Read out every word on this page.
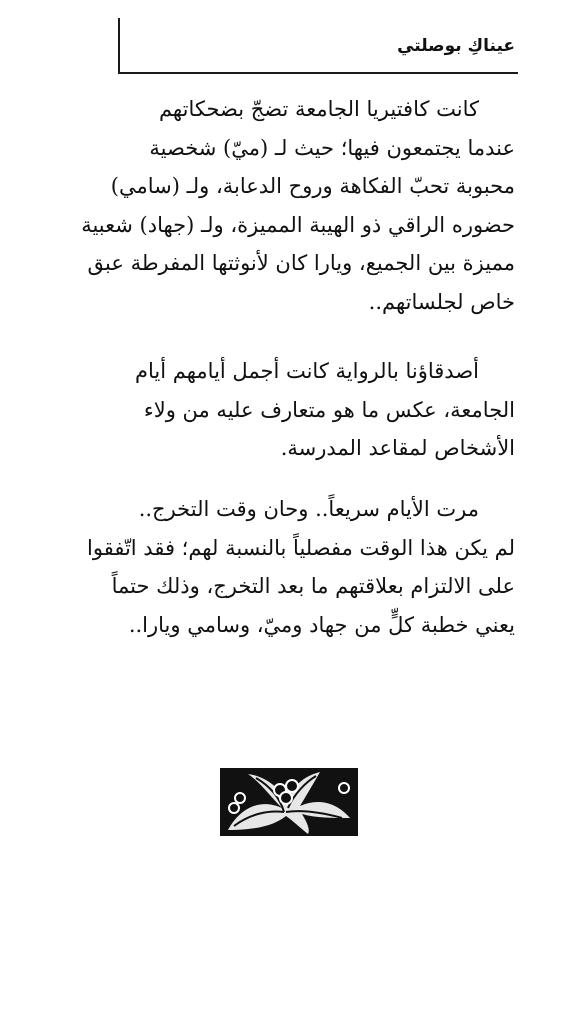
عيناكِ بوصلتي
كانت كافتيريا الجامعة تضجّ بضحكاتهم
عندما يجتمعون فيها؛ حيث لـ (ميّ) شخصية
محبوبة تحبّ الفكاهة وروح الدعابة، ولـ (سامي)
حضوره الراقي ذو الهيبة المميزة، ولـ (جهاد) شعبية
مميزة بين الجميع، ويارا كان لأنوثتها المفرطة عبق
خاص لجلساتهم..
أصدقاؤنا بالرواية كانت أجمل أيامهم أيام
الجامعة، عكس ما هو متعارف عليه من ولاء
الأشخاص لمقاعد المدرسة.
مرت الأيام سريعاً.. وحان وقت التخرج..
لم يكن هذا الوقت مفصلياً بالنسبة لهم؛ فقد اتّفقوا
على الالتزام بعلاقتهم ما بعد التخرج، وذلك حتماً
يعني خطبة كلٍّ من جهاد وميّ، وسامي ويارا..
